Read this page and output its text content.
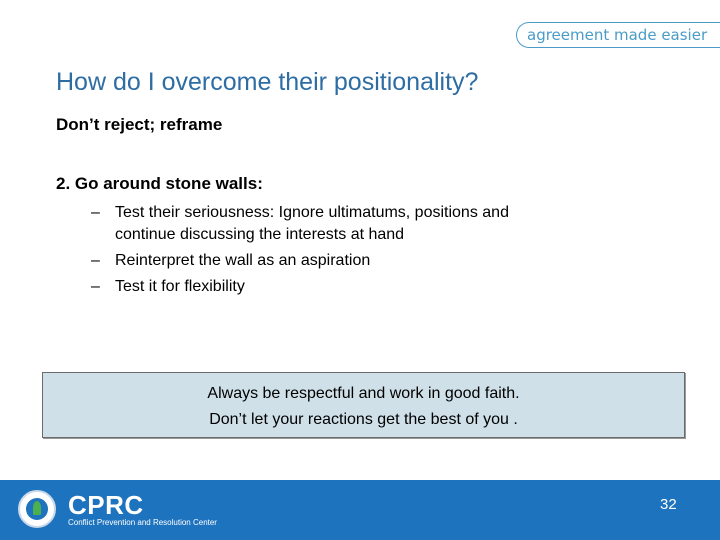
agreement made easier
How do I overcome their positionality?
Don’t reject; reframe
2. Go around stone walls:
– Test their seriousness: Ignore ultimatums, positions and continue discussing the interests at hand
– Reinterpret the wall as an aspiration
– Test it for flexibility
Always be respectful and work in good faith.
Don’t let your reactions get the best of you .
CPRC
Conflict Prevention and Resolution Center
32
